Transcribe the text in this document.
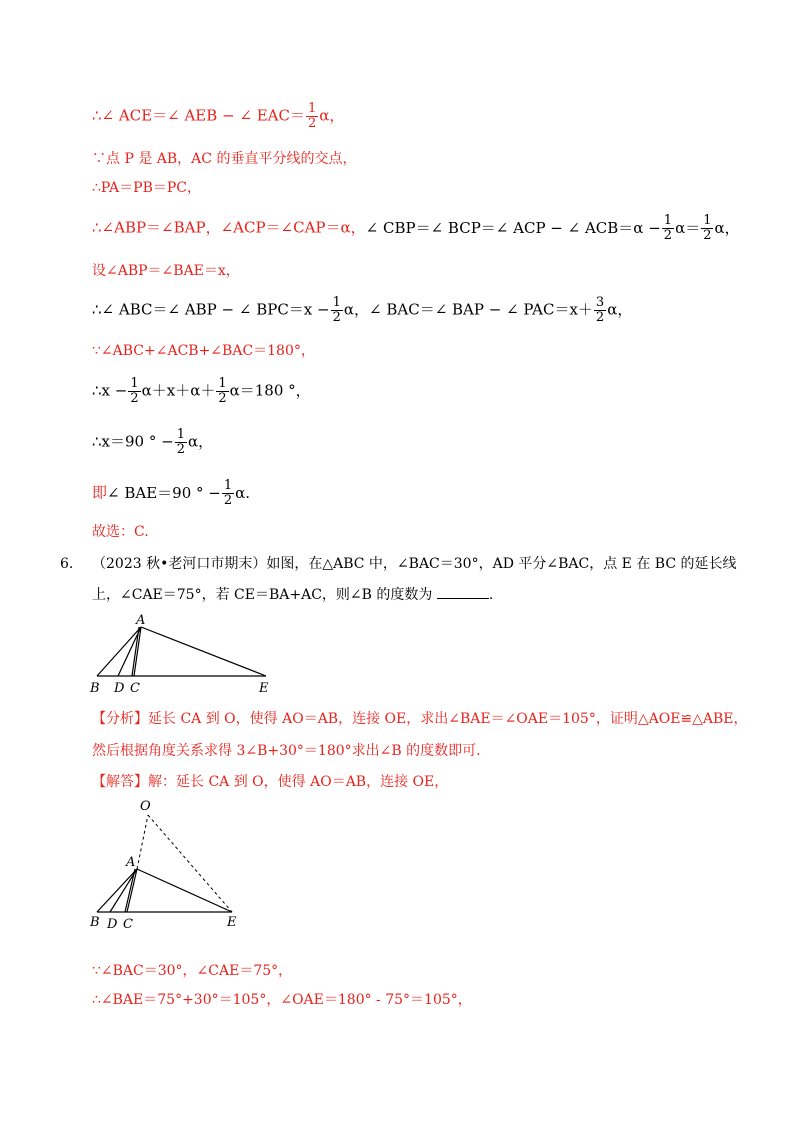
∴∠ ACE＝∠ AEB − ∠ $EAC= \frac{1}{2}$ α，
∵点 P 是 AB，AC 的垂直平分线的交点，
∴PA＝PB＝PC，
∴∠ABP＝∠BAP，∠ACP＝∠CAP＝α，∠ CBP＝∠ BCP＝∠ ACP − ∠ $ACB=\alpha - \frac{1}{2} \alpha= \frac{1}{2}$ α，
设∠ABP＝∠BAE＝x，
∴∠ ABC＝∠ ABP − ∠ $BPC=x - \frac{1}{2}$ α，∠ BAC＝∠ BAP − ∠ $PAC=x+ \frac{3}{2}$ α，
∵∠ABC+∠ACB+∠BAC＝180°，
∴x − $\frac{1}{2} \alpha+x+\alpha+ \frac{1}{2} \alpha=180$ °，
∴x＝90 ° − $\frac{1}{2}$ α，
即∠ BAE＝90 ° − $\frac{1}{2} \alpha$.
故选：C.
6． （2023 秋•老河口市期末）如图，在△ABC 中，∠BAC＝30°，AD 平分∠BAC，点 E 在 BC 的延长线
上，∠CAE＝75°，若 CE＝BA+AC，则∠B 的度数为	.
A
B D C	E
O
A
B D C	E
【分析】延长 CA 到 O，使得 AO＝AB，连接 OE，求出∠BAE＝∠OAE＝105°，证明△AOE≌△ABE，
然后根据角度关系求得 3∠B+30°＝180°求出∠B 的度数即可.
【解答】解：延长 CA 到 O，使得 AO＝AB，连接 OE，
∵∠BAC＝30°，∠CAE＝75°，
∴∠BAE＝75°+30°＝105°，∠OAE＝180° - 75°＝105°，
